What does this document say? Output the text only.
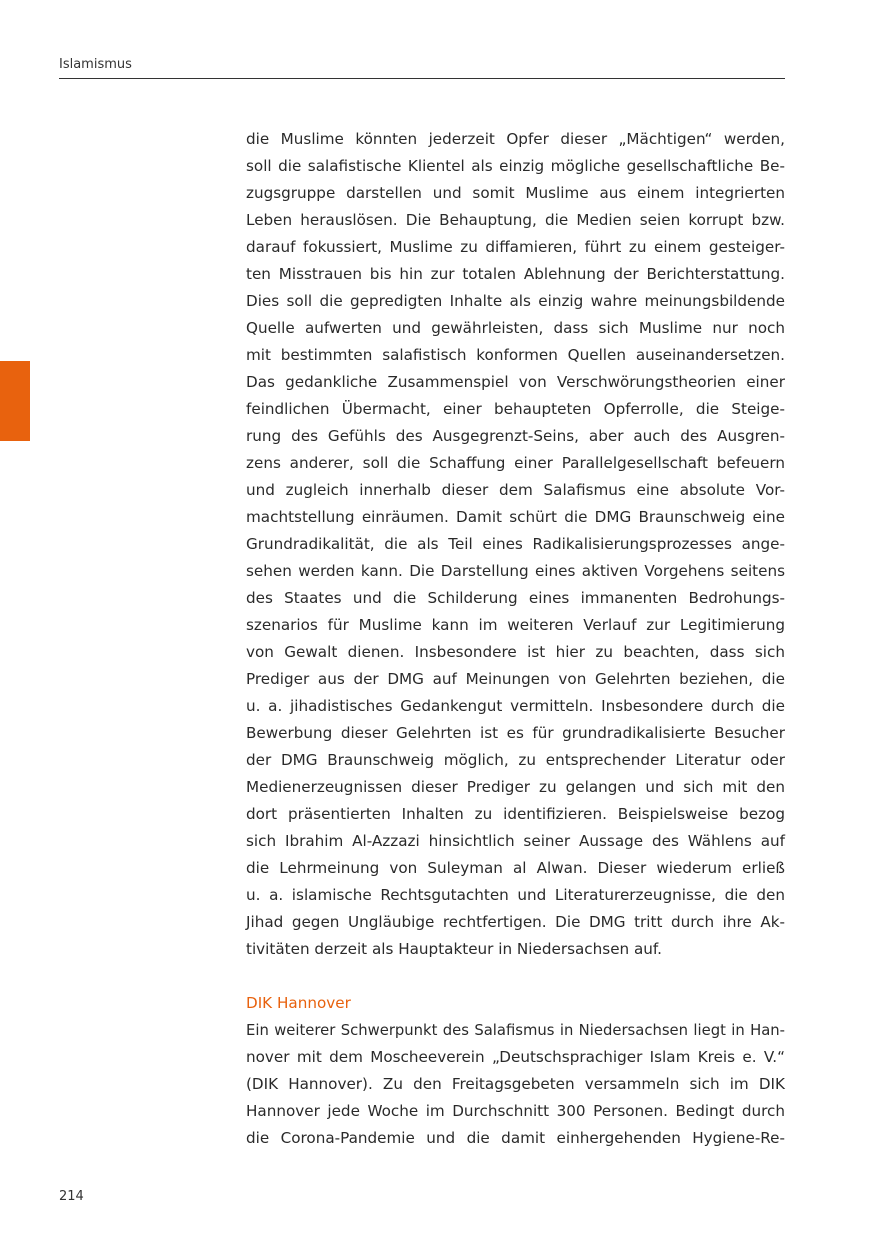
Islamismus
die Muslime könnten jederzeit Opfer dieser „Mächtigen“ werden,
soll die salafistische Klientel als einzig mögliche gesellschaftliche Be-
zugsgruppe darstellen und somit Muslime aus einem integrierten
Leben herauslösen. Die Behauptung, die Medien seien korrupt bzw.
darauf fokussiert, Muslime zu diffamieren, führt zu einem gesteiger-
ten Misstrauen bis hin zur totalen Ablehnung der Berichterstattung.
Dies soll die gepredigten Inhalte als einzig wahre meinungsbildende
Quelle aufwerten und gewährleisten, dass sich Muslime nur noch
mit bestimmten salafistisch konformen Quellen auseinandersetzen.
Das gedankliche Zusammenspiel von Verschwörungstheorien einer
feindlichen Übermacht, einer behaupteten Opferrolle, die Steige-
rung des Gefühls des Ausgegrenzt-Seins, aber auch des Ausgren-
zens anderer, soll die Schaffung einer Parallelgesellschaft befeuern
und zugleich innerhalb dieser dem Salafismus eine absolute Vor-
machtstellung einräumen. Damit schürt die DMG Braunschweig eine
Grundradikalität, die als Teil eines Radikalisierungsprozesses ange-
sehen werden kann. Die Darstellung eines aktiven Vorgehens seitens
des Staates und die Schilderung eines immanenten Bedrohungs-
szenarios für Muslime kann im weiteren Verlauf zur Legitimierung
von Gewalt dienen. Insbesondere ist hier zu beachten, dass sich
Prediger aus der DMG auf Meinungen von Gelehrten beziehen, die
u. a. jihadistisches Gedankengut vermitteln. Insbesondere durch die
Bewerbung dieser Gelehrten ist es für grundradikalisierte Besucher
der DMG Braunschweig möglich, zu entsprechender Literatur oder
Medienerzeugnissen dieser Prediger zu gelangen und sich mit den
dort präsentierten Inhalten zu identifizieren. Beispielsweise bezog
sich Ibrahim Al-Azzazi hinsichtlich seiner Aussage des Wählens auf
die Lehrmeinung von Suleyman al Alwan. Dieser wiederum erließ
u. a. islamische Rechtsgutachten und Literaturerzeugnisse, die den
Jihad gegen Ungläubige rechtfertigen. Die DMG tritt durch ihre Ak-
tivitäten derzeit als Hauptakteur in Niedersachsen auf.
DIK Hannover
Ein weiterer Schwerpunkt des Salafismus in Niedersachsen liegt in Han-
nover mit dem Moscheeverein „Deutschsprachiger Islam Kreis e. V.“
(DIK Hannover). Zu den Freitagsgebeten versammeln sich im DIK
Hannover jede Woche im Durchschnitt 300 Personen. Bedingt durch
die Corona-Pandemie und die damit einhergehenden Hygiene-Re-
214
